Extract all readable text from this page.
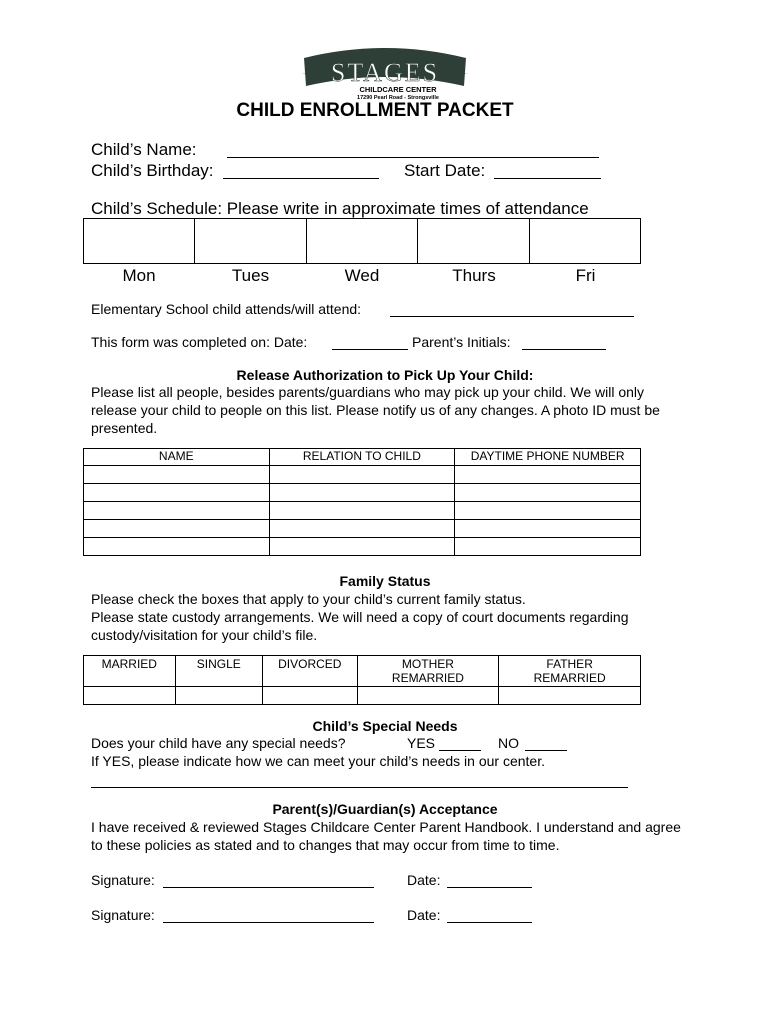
STAGES
CHILDCARE CENTER
17290 Pearl Road - Strongsville
CHILD ENROLLMENT PACKET
Child’s Name:
Child’s Birthday:	Start Date:
Child’s Schedule: Please write in approximate times of attendance

Mon	Tues	Wed	Thurs	Fri
Elementary School child attends/will attend:
This form was completed on: Date:	Parent’s Initials:
Release Authorization to Pick Up Your Child:
Please list all people, besides parents/guardians who may pick up your child. We will only release your child to people on this list. Please notify us of any changes. A photo ID must be presented.
NAME	RELATION TO CHILD	DAYTIME PHONE NUMBER

Family Status
Please check the boxes that apply to your child’s current family status.
Please state custody arrangements. We will need a copy of court documents regarding custody/visitation for your child’s file.
MARRIED	SINGLE	DIVORCED	MOTHER REMARRIED	FATHER REMARRIED

Child’s Special Needs
Does your child have any special needs?	YES	NO
If YES, please indicate how we can meet your child’s needs in our center.
Parent(s)/Guardian(s) Acceptance
I have received & reviewed Stages Childcare Center Parent Handbook. I understand and agree to these policies as stated and to changes that may occur from time to time.
Signature:	Date:
Signature:	Date:
